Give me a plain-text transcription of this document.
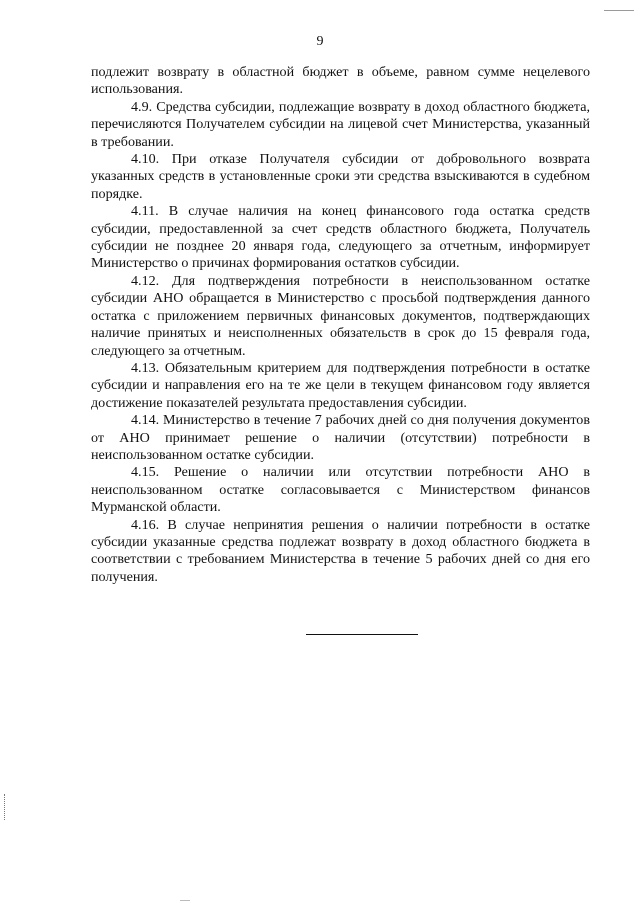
9

подлежит возврату в областной бюджет в объеме, равном сумме нецелевого использования.

4.9. Средства субсидии, подлежащие возврату в доход областного бюджета, перечисляются Получателем субсидии на лицевой счет Министерства, указанный в требовании.

4.10. При отказе Получателя субсидии от добровольного возврата указанных средств в установленные сроки эти средства взыскиваются в судебном порядке.

4.11. В случае наличия на конец финансового года остатка средств субсидии, предоставленной за счет средств областного бюджета, Получатель субсидии не позднее 20 января года, следующего за отчетным, информирует Министерство о причинах формирования остатков субсидии.

4.12. Для подтверждения потребности в неиспользованном остатке субсидии АНО обращается в Министерство с просьбой подтверждения данного остатка с приложением первичных финансовых документов, подтверждающих наличие принятых и неисполненных обязательств в срок до 15 февраля года, следующего за отчетным.

4.13. Обязательным критерием для подтверждения потребности в остатке субсидии и направления его на те же цели в текущем финансовом году является достижение показателей результата предоставления субсидии.

4.14. Министерство в течение 7 рабочих дней со дня получения документов от АНО принимает решение о наличии (отсутствии) потребности в неиспользованном остатке субсидии.

4.15. Решение о наличии или отсутствии потребности АНО в неиспользованном остатке согласовывается с Министерством финансов Мурманской области.

4.16. В случае непринятия решения о наличии потребности в остатке субсидии указанные средства подлежат возврату в доход областного бюджета в соответствии с требованием Министерства в течение 5 рабочих дней со дня его получения.
